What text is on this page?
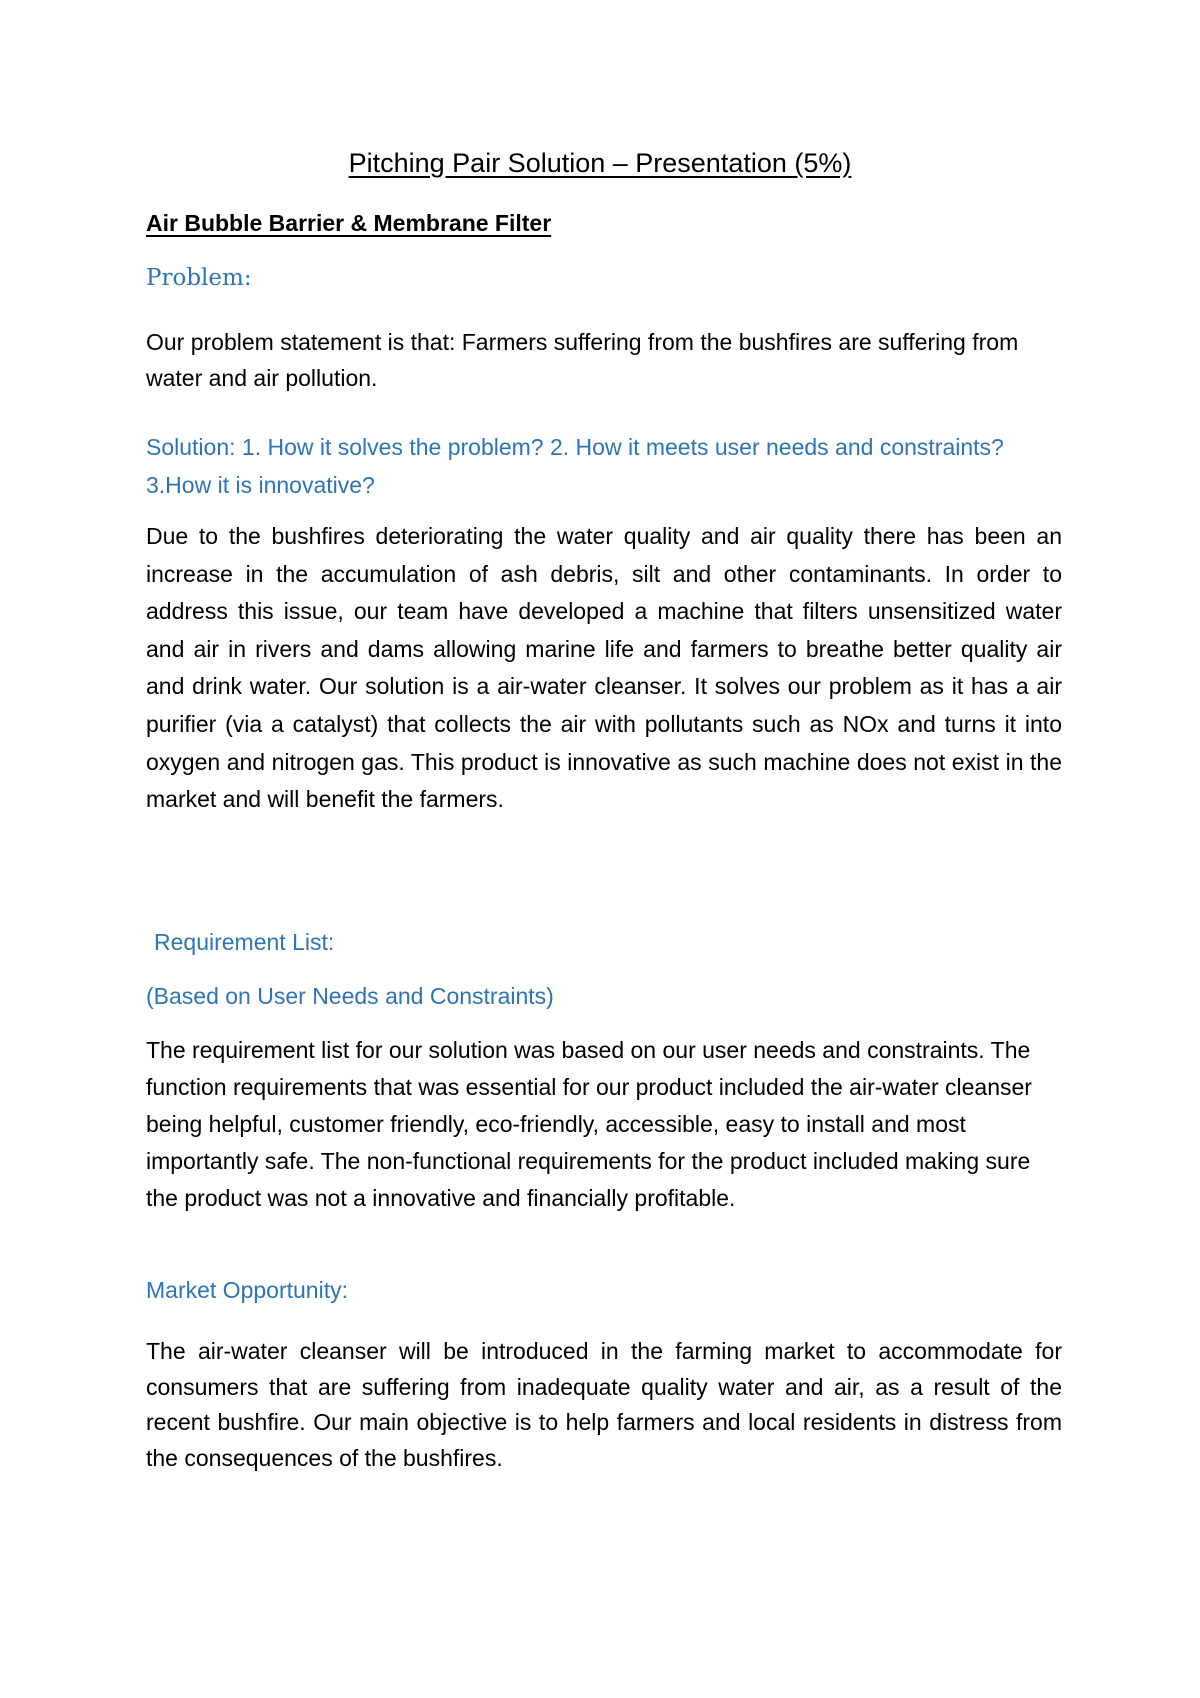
Pitching Pair Solution – Presentation (5%)
Air Bubble Barrier & Membrane Filter
Problem:
Our problem statement is that: Farmers suffering from the bushfires are suffering from water and air pollution.
Solution: 1. How it solves the problem? 2. How it meets user needs and constraints? 3.How it is innovative?
Due to the bushfires deteriorating the water quality and air quality there has been an increase in the accumulation of ash debris, silt and other contaminants. In order to address this issue, our team have developed a machine that filters unsensitized water and air in rivers and dams allowing marine life and farmers to breathe better quality air and drink water. Our solution is a air-water cleanser. It solves our problem as it has a air purifier (via a catalyst) that collects the air with pollutants such as NOx and turns it into oxygen and nitrogen gas. This product is innovative as such machine does not exist in the market and will benefit the farmers.
Requirement List:
(Based on User Needs and Constraints)
The requirement list for our solution was based on our user needs and constraints. The function requirements that was essential for our product included the air-water cleanser being helpful, customer friendly, eco-friendly, accessible, easy to install and most importantly safe. The non-functional requirements for the product included making sure the product was not a innovative and financially profitable.
Market Opportunity:
The air-water cleanser will be introduced in the farming market to accommodate for consumers that are suffering from inadequate quality water and air, as a result of the recent bushfire. Our main objective is to help farmers and local residents in distress from the consequences of the bushfires.
